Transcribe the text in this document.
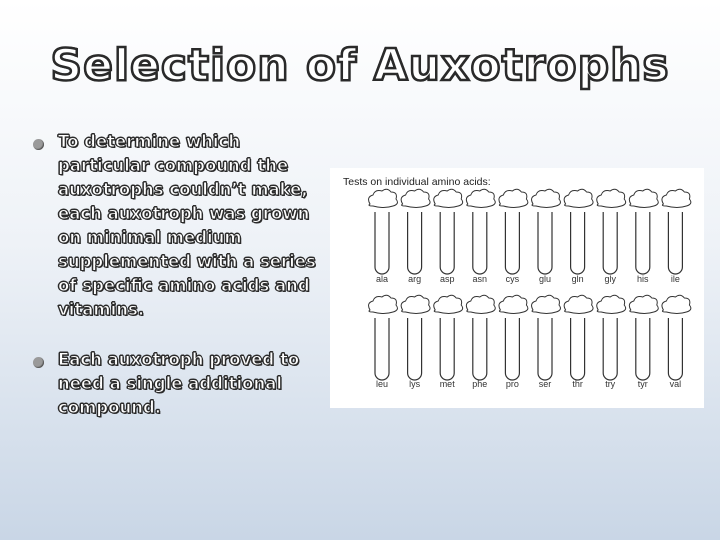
Selection of Auxotrophs
To determine which particular compound the auxotrophs couldn’t make, each auxotroph was grown on minimal medium supplemented with a series of specific amino acids and vitamins.
Each auxotroph proved to need a single additional compound.
Tests on individual amino acids:
ala arg asp asn cys glu gln gly his ile
leu lys met phe pro ser thr try	tyr val
